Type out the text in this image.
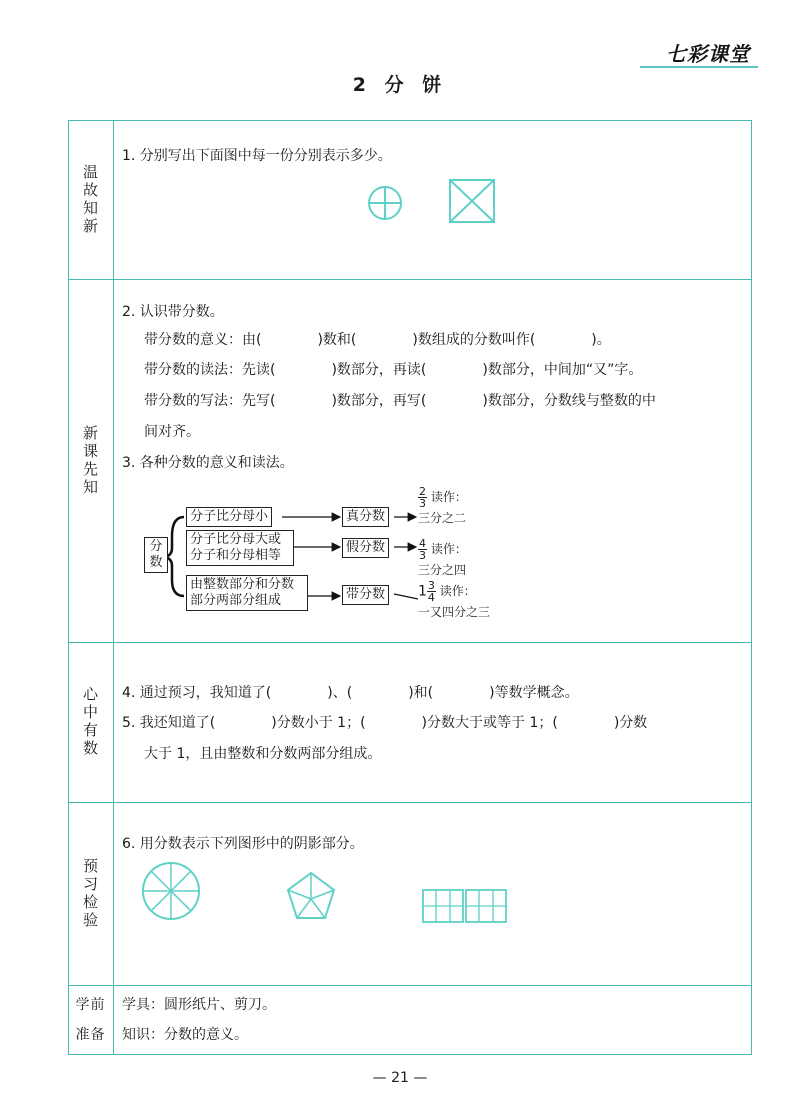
七彩课堂
2 分 饼
温故知新
新课先知
心中有数
预习检验
学前
准备
1. 分别写出下面图中每一份分别表示多少。
2. 认识带分数。
带分数的意义：由(　　　　)数和(　　　　)数组成的分数叫作(　　　　)。
带分数的读法：先读(　　　　)数部分，再读(　　　　)数部分，中间加“又”字。
带分数的写法：先写(　　　　)数部分，再写(　　　　)数部分，分数线与整数的中
间对齐。
3. 各种分数的意义和读法。
分数
分子比分母小
分子比分母大或
分子和分母相等
由整数部分和分数
部分两部分组成
真分数
假分数
带分数
$\frac{2}{3}$ 读作：
三分之二
$\frac{4}{3}$ 读作：
三分之四
$1 \frac{3}{4}$ 读作：
一又四分之三
4. 通过预习，我知道了(　　　　)、(　　　　)和(　　　　)等数学概念。
5. 我还知道了(　　　　)分数小于 1；(　　　　)分数大于或等于 1；(　　　　)分数
大于 1，且由整数和分数两部分组成。
6. 用分数表示下列图形中的阴影部分。
学具：圆形纸片、剪刀。
知识：分数的意义。
— 21 —
